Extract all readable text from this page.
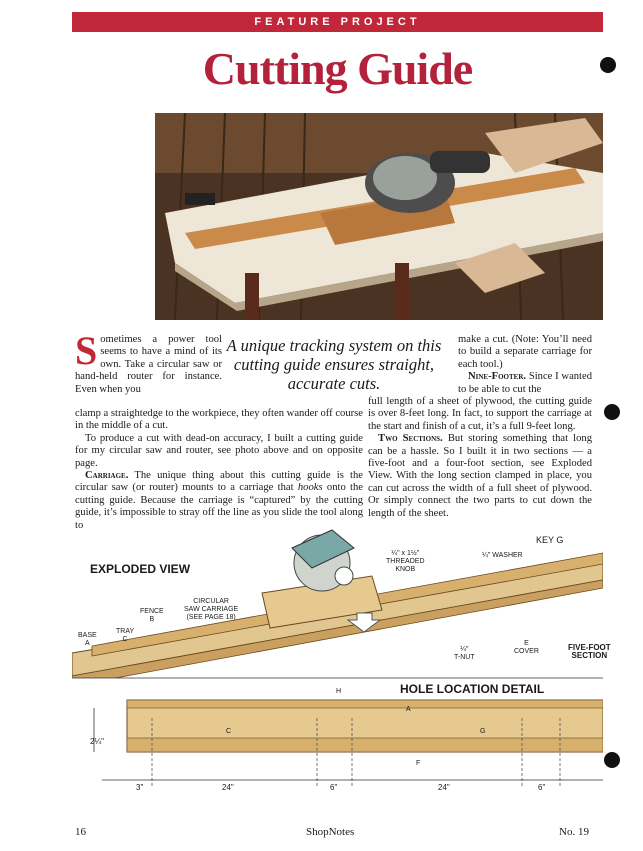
FEATURE PROJECT
Cutting Guide

Sometimes a power tool seems to have a mind of its own. Take a circular saw or hand-held router for instance. Even when you

clamp a straightedge to the workpiece, they often wander off course in the middle of a cut.

To produce a cut with dead-on accuracy, I built a cutting guide for my circular saw and router, see photo above and on opposite page.

Carriage. The unique thing about this cutting guide is the circular saw (or router) mounts to a carriage that hooks onto the cutting guide. Because the carriage is “captured” by the cutting guide, it’s impossible to stray off the line as you slide the tool along to

A unique tracking system on this cutting guide ensures straight, accurate cuts.

make a cut. (Note: You’ll need to build a separate carriage for each tool.)

Nine-Footer. Since I wanted to be able to cut the

full length of a sheet of plywood, the cutting guide is over 8-feet long. In fact, to support the carriage at the start and finish of a cut, it’s a full 9-feet long.

Two Sections. But storing something that long can be a hassle. So I built it in two sections — a five-foot and a four-foot section, see Exploded View. With the long section clamped in place, you can cut across the width of a full sheet of plywood. Or simply connect the two parts to cut down the length of the sheet.

EXPLODED VIEW
HOLE LOCATION DETAIL
FENCE
B
TRAY
C
BASE
A
CIRCULAR
SAW CARRIAGE
(SEE PAGE 18)
¼" x 1½"
THREADED
KNOB
¼" WASHER
KEY G
¼"
T-NUT
E
COVER	FIVE-FOOT
SECTION
H
A
C	G
F
2¼"
3"	24"	6"	24"	6"
16	ShopNotes	No. 19
